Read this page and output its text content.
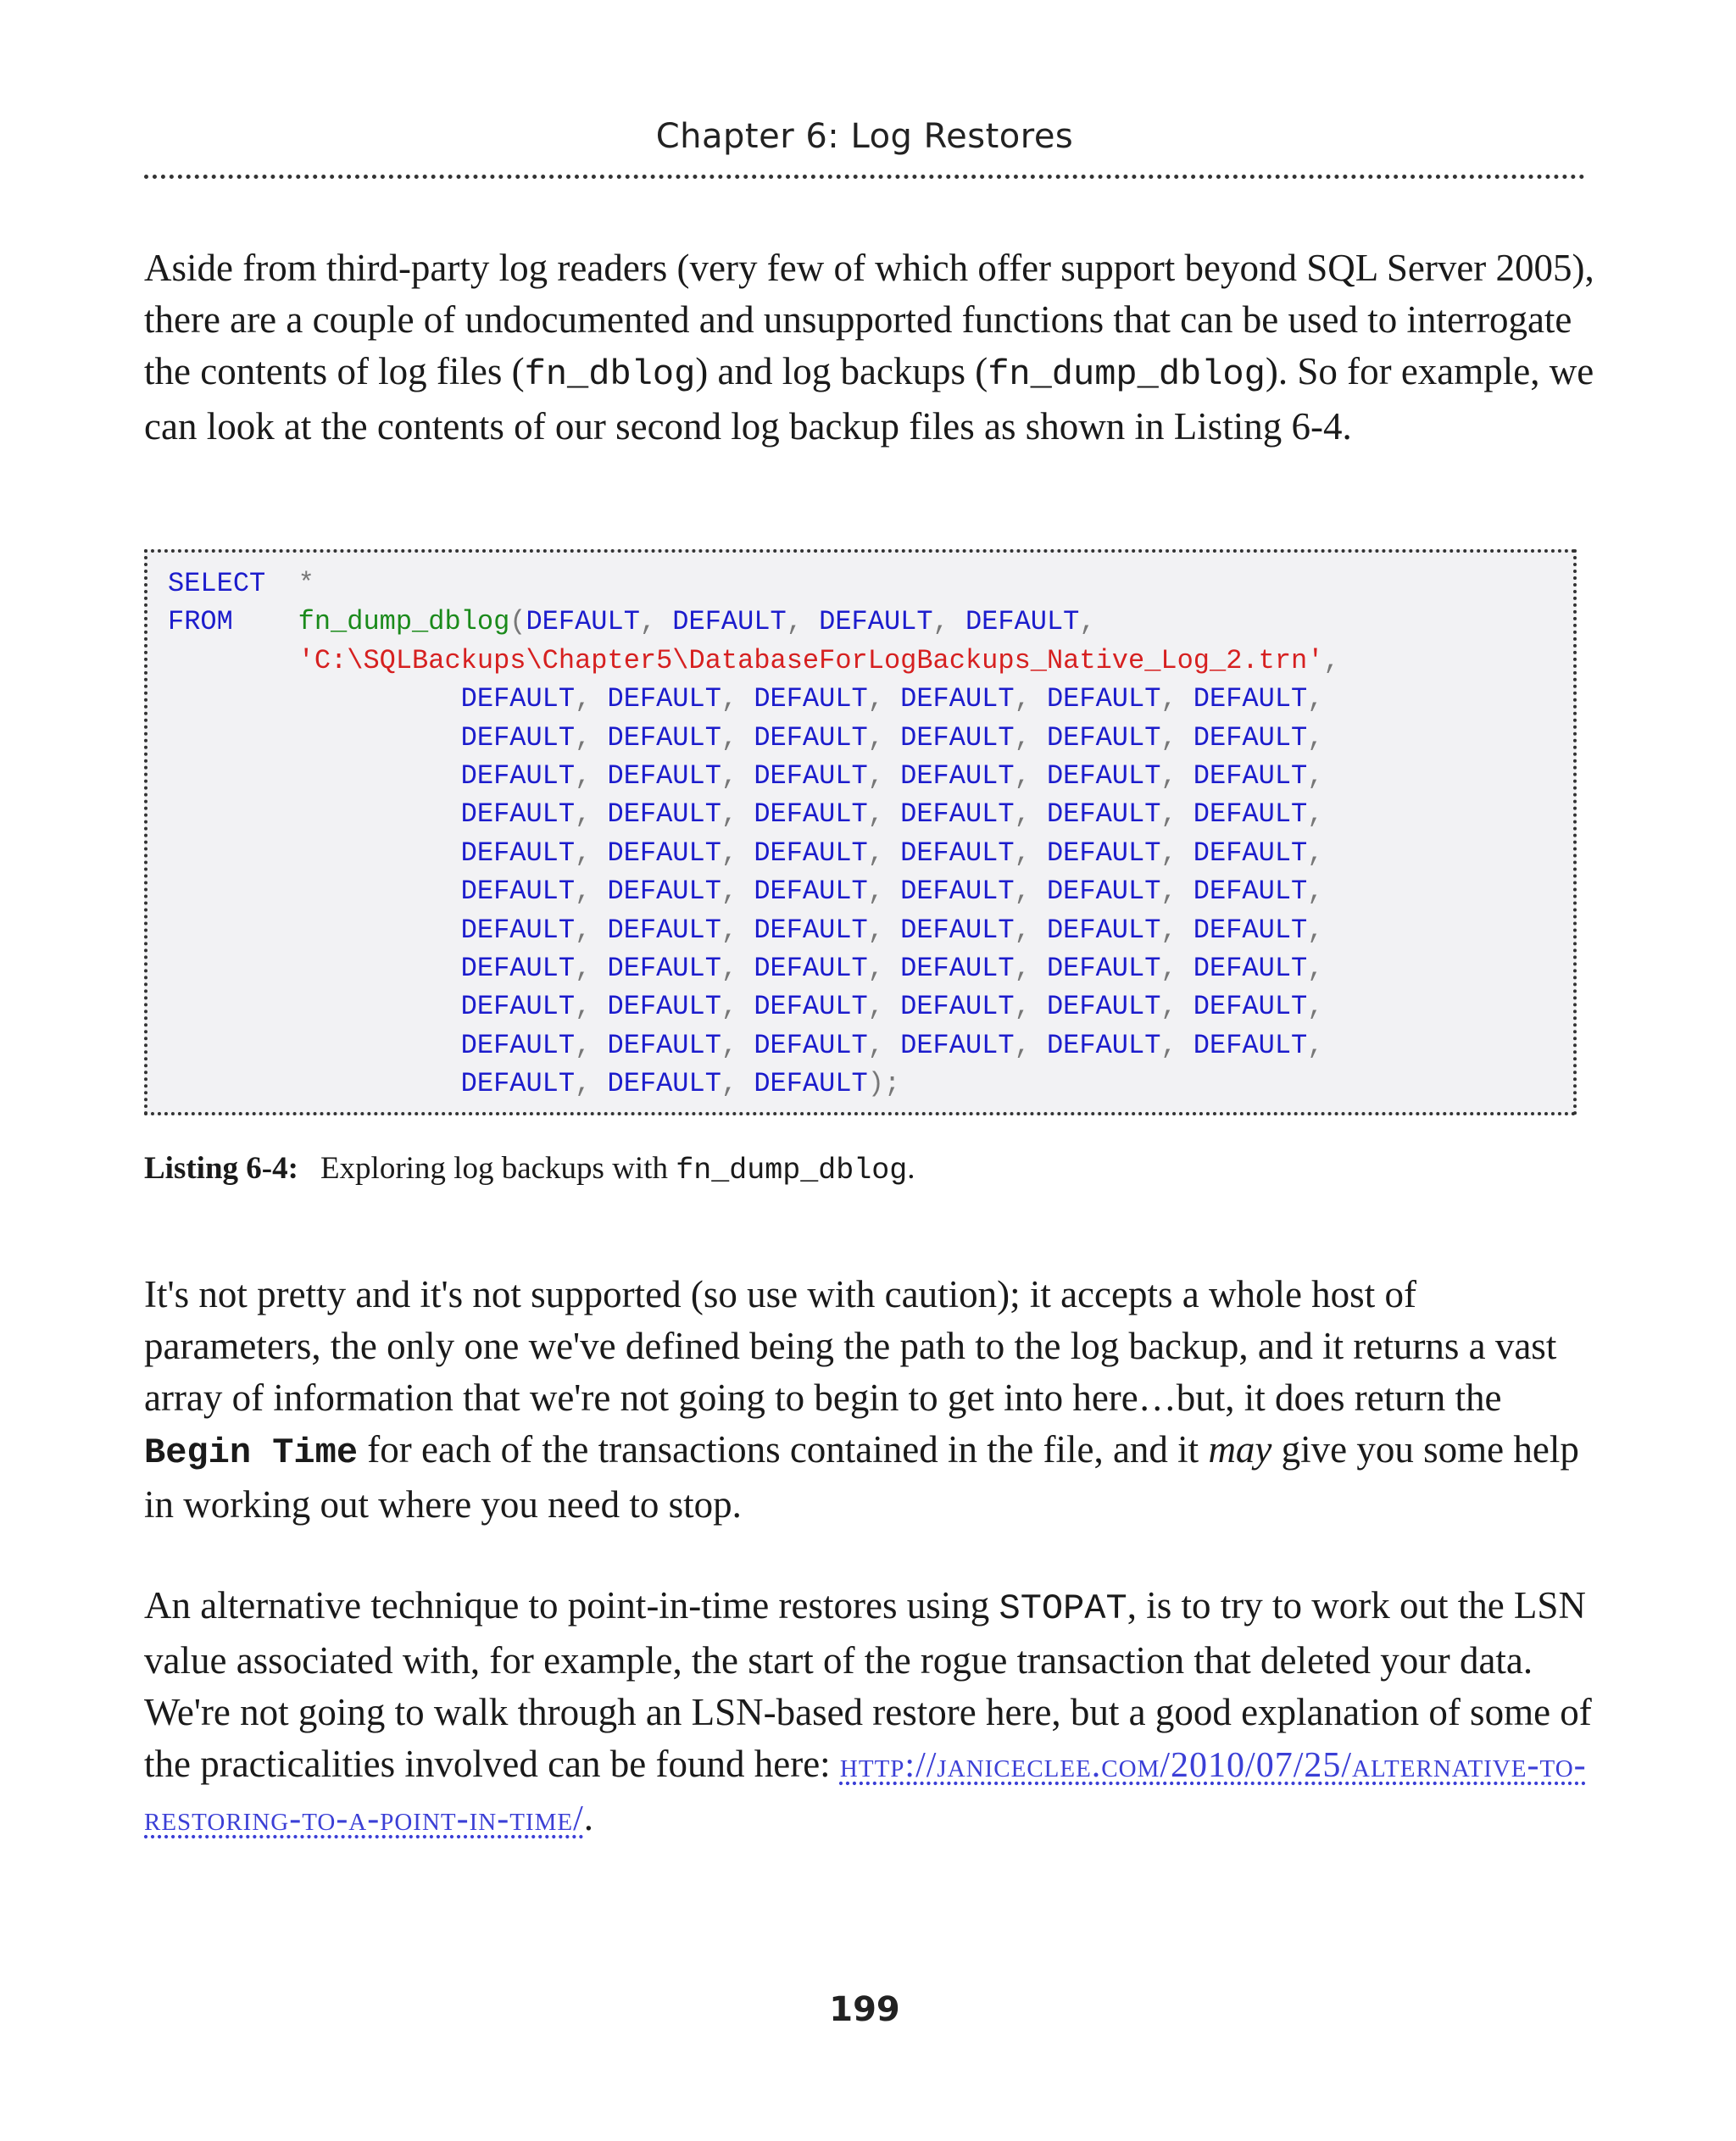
Chapter 6: Log Restores

Aside from third-party log readers (very few of which offer support beyond SQL Server 2005), there are a couple of undocumented and unsupported functions that can be used to interrogate the contents of log files (fn_dblog) and log backups (fn_dump_dblog). So for example, we can look at the contents of our second log backup files as shown in Listing 6-4.

SELECT *
FROM fn_dump_dblog(DEFAULT, DEFAULT, DEFAULT, DEFAULT,
'C:\SQLBackups\Chapter5\DatabaseForLogBackups_Native_Log_2.trn',
DEFAULT, DEFAULT, DEFAULT, DEFAULT, DEFAULT, DEFAULT,
DEFAULT, DEFAULT, DEFAULT, DEFAULT, DEFAULT, DEFAULT,
DEFAULT, DEFAULT, DEFAULT, DEFAULT, DEFAULT, DEFAULT,
DEFAULT, DEFAULT, DEFAULT, DEFAULT, DEFAULT, DEFAULT,
DEFAULT, DEFAULT, DEFAULT, DEFAULT, DEFAULT, DEFAULT,
DEFAULT, DEFAULT, DEFAULT, DEFAULT, DEFAULT, DEFAULT,
DEFAULT, DEFAULT, DEFAULT, DEFAULT, DEFAULT, DEFAULT,
DEFAULT, DEFAULT, DEFAULT, DEFAULT, DEFAULT, DEFAULT,
DEFAULT, DEFAULT, DEFAULT, DEFAULT, DEFAULT, DEFAULT,
DEFAULT, DEFAULT, DEFAULT, DEFAULT, DEFAULT, DEFAULT,
DEFAULT, DEFAULT, DEFAULT);
Listing 6-4: Exploring log backups with fn_dump_dblog.

It's not pretty and it's not supported (so use with caution); it accepts a whole host of parameters, the only one we've defined being the path to the log backup, and it returns a vast array of information that we're not going to begin to get into here…but, it does return the Begin Time for each of the transactions contained in the file, and it may give you some help in working out where you need to stop.

An alternative technique to point-in-time restores using STOPAT, is to try to work out the LSN value associated with, for example, the start of the rogue transaction that deleted your data. We're not going to walk through an LSN-based restore here, but a good explanation of some of the practicalities involved can be found here: http://janiceclee.com/2010/07/25/alternative-to-restoring-to-a-point-in-time/.

199
